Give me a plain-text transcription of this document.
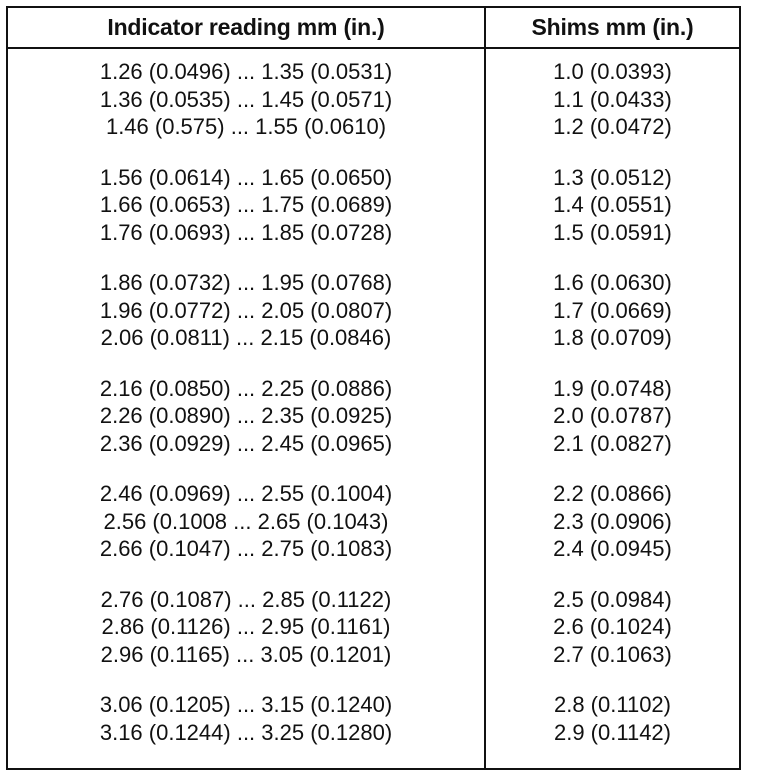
Indicator reading mm (in.)	Shims mm (in.)
1.26 (0.0496) ... 1.35 (0.0531)
1.36 (0.0535) ... 1.45 (0.0571)
1.46 (0.575) ... 1.55 (0.0610)
1.56 (0.0614) ... 1.65 (0.0650)
1.66 (0.0653) ... 1.75 (0.0689)
1.76 (0.0693) ... 1.85 (0.0728)
1.86 (0.0732) ... 1.95 (0.0768)
1.96 (0.0772) ... 2.05 (0.0807)
2.06 (0.0811) ... 2.15 (0.0846)
2.16 (0.0850) ... 2.25 (0.0886)
2.26 (0.0890) ... 2.35 (0.0925)
2.36 (0.0929) ... 2.45 (0.0965)
2.46 (0.0969) ... 2.55 (0.1004)
2.56 (0.1008 ... 2.65 (0.1043)
2.66 (0.1047) ... 2.75 (0.1083)
2.76 (0.1087) ... 2.85 (0.1122)
2.86 (0.1126) ... 2.95 (0.1161)
2.96 (0.1165) ... 3.05 (0.1201)
3.06 (0.1205) ... 3.15 (0.1240)
3.16 (0.1244) ... 3.25 (0.1280)
1.0 (0.0393)
1.1 (0.0433)
1.2 (0.0472)
1.3 (0.0512)
1.4 (0.0551)
1.5 (0.0591)
1.6 (0.0630)
1.7 (0.0669)
1.8 (0.0709)
1.9 (0.0748)
2.0 (0.0787)
2.1 (0.0827)
2.2 (0.0866)
2.3 (0.0906)
2.4 (0.0945)
2.5 (0.0984)
2.6 (0.1024)
2.7 (0.1063)
2.8 (0.1102)
2.9 (0.1142)
